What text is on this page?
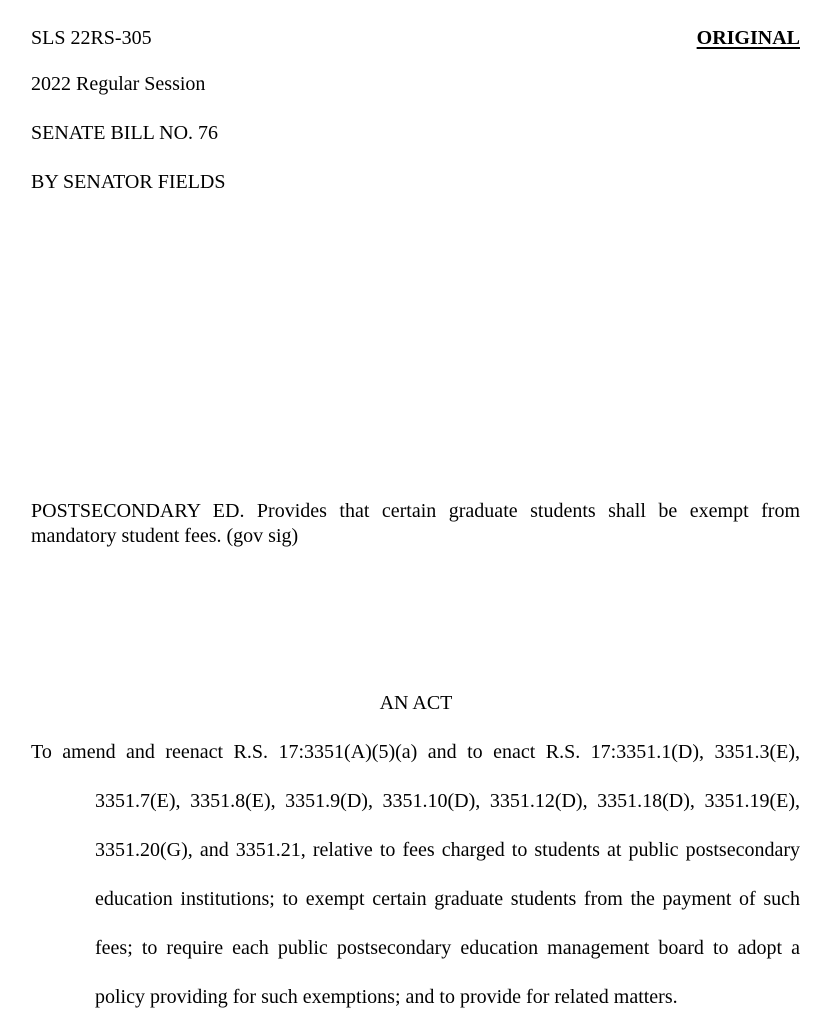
SLS 22RS-305	ORIGINAL
2022 Regular Session
SENATE BILL NO. 76
BY SENATOR FIELDS
POSTSECONDARY ED. Provides that certain graduate students shall be exempt from mandatory student fees. (gov sig)
AN ACT
To amend and reenact R.S. 17:3351(A)(5)(a) and to enact R.S. 17:3351.1(D), 3351.3(E),
3351.7(E), 3351.8(E), 3351.9(D), 3351.10(D), 3351.12(D), 3351.18(D), 3351.19(E),
3351.20(G), and 3351.21, relative to fees charged to students at public postsecondary
education institutions; to exempt certain graduate students from the payment of such
fees; to require each public postsecondary education management board to adopt a
policy providing for such exemptions; and to provide for related matters.
